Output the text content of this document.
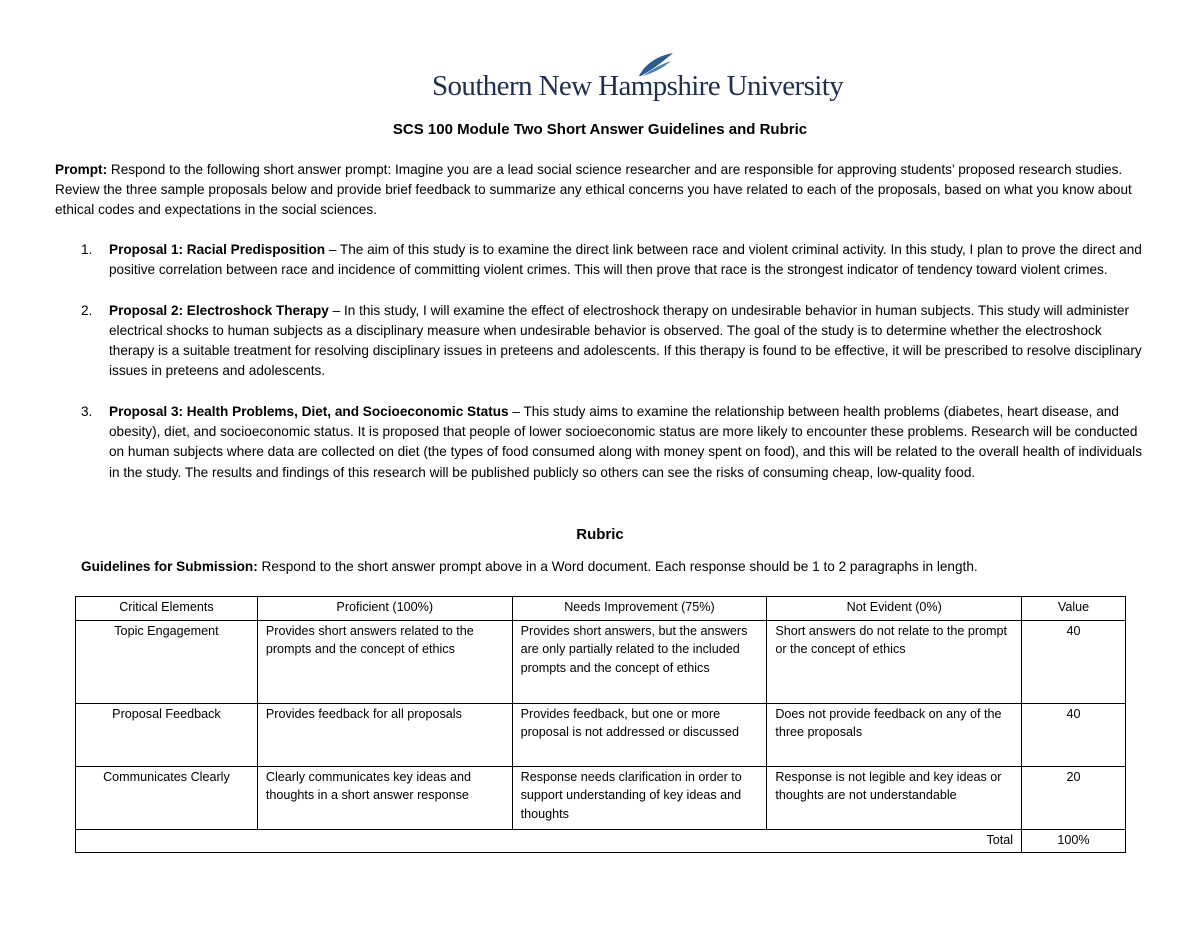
Southern New Hampshire University
SCS 100 Module Two Short Answer Guidelines and Rubric
Prompt: Respond to the following short answer prompt: Imagine you are a lead social science researcher and are responsible for approving students’ proposed research studies. Review the three sample proposals below and provide brief feedback to summarize any ethical concerns you have related to each of the proposals, based on what you know about ethical codes and expectations in the social sciences.
1. Proposal 1: Racial Predisposition – The aim of this study is to examine the direct link between race and violent criminal activity. In this study, I plan to prove the direct and positive correlation between race and incidence of committing violent crimes. This will then prove that race is the strongest indicator of tendency toward violent crimes.
2. Proposal 2: Electroshock Therapy – In this study, I will examine the effect of electroshock therapy on undesirable behavior in human subjects. This study will administer electrical shocks to human subjects as a disciplinary measure when undesirable behavior is observed. The goal of the study is to determine whether the electroshock therapy is a suitable treatment for resolving disciplinary issues in preteens and adolescents. If this therapy is found to be effective, it will be prescribed to resolve disciplinary issues in preteens and adolescents.
3. Proposal 3: Health Problems, Diet, and Socioeconomic Status – This study aims to examine the relationship between health problems (diabetes, heart disease, and obesity), diet, and socioeconomic status. It is proposed that people of lower socioeconomic status are more likely to encounter these problems. Research will be conducted on human subjects where data are collected on diet (the types of food consumed along with money spent on food), and this will be related to the overall health of individuals in the study. The results and findings of this research will be published publicly so others can see the risks of consuming cheap, low-quality food.
Rubric
Guidelines for Submission: Respond to the short answer prompt above in a Word document. Each response should be 1 to 2 paragraphs in length.
Critical Elements	Proficient (100%)	Needs Improvement (75%)	Not Evident (0%)	Value
Topic Engagement	Provides short answers related to the prompts and the concept of ethics	Provides short answers, but the answers are only partially related to the included prompts and the concept of ethics	Short answers do not relate to the prompt or the concept of ethics	40
Proposal Feedback	Provides feedback for all proposals	Provides feedback, but one or more proposal is not addressed or discussed	Does not provide feedback on any of the three proposals	40
Communicates Clearly	Clearly communicates key ideas and thoughts in a short answer response	Response needs clarification in order to support understanding of key ideas and thoughts	Response is not legible and key ideas or thoughts are not understandable	20
Total				100%
